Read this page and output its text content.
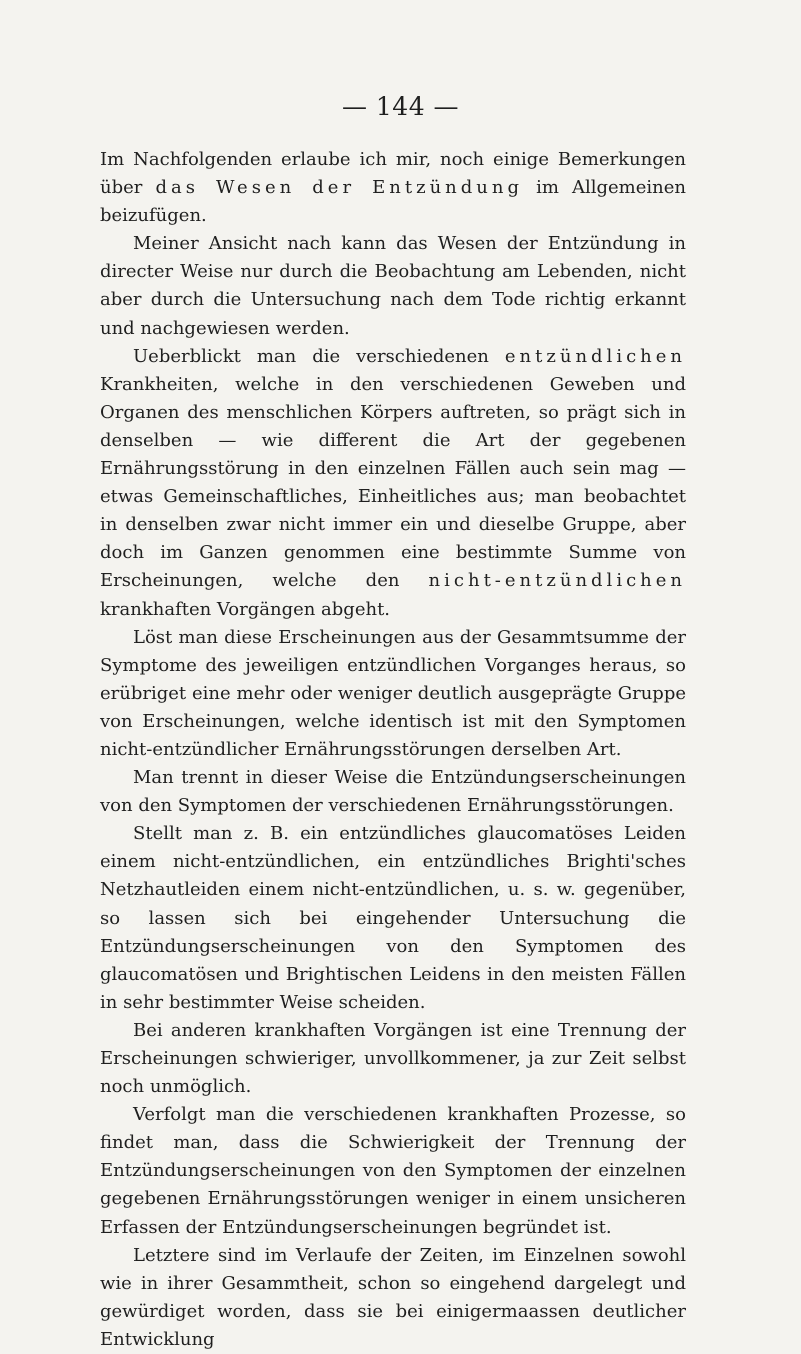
— 144 —

Im Nachfolgenden erlaube ich mir, noch einige Bemerkungen über das Wesen der Entzündung im Allgemeinen beizufügen.

Meiner Ansicht nach kann das Wesen der Entzündung in directer Weise nur durch die Beobachtung am Lebenden, nicht aber durch die Untersuchung nach dem Tode richtig erkannt und nachgewiesen werden.

Ueberblickt man die verschiedenen entzündlichen Krankheiten, welche in den verschiedenen Geweben und Organen des menschlichen Körpers auftreten, so prägt sich in denselben — wie different die Art der gegebenen Ernährungsstörung in den einzelnen Fällen auch sein mag — etwas Gemeinschaftliches, Einheitliches aus; man beobachtet in denselben zwar nicht immer ein und dieselbe Gruppe, aber doch im Ganzen genommen eine bestimmte Summe von Erscheinungen, welche den nicht-entzündlichen krankhaften Vorgängen abgeht.

Löst man diese Erscheinungen aus der Gesammtsumme der Symptome des jeweiligen entzündlichen Vorganges heraus, so erübriget eine mehr oder weniger deutlich ausgeprägte Gruppe von Erscheinungen, welche identisch ist mit den Symptomen nicht-entzündlicher Ernährungsstörungen derselben Art.

Man trennt in dieser Weise die Entzündungserscheinungen von den Symptomen der verschiedenen Ernährungsstörungen.

Stellt man z. B. ein entzündliches glaucomatöses Leiden einem nicht-entzündlichen, ein entzündliches Brighti'sches Netzhautleiden einem nicht-entzündlichen, u. s. w. gegenüber, so lassen sich bei eingehender Untersuchung die Entzündungserscheinungen von den Symptomen des glaucomatösen und Brightischen Leidens in den meisten Fällen in sehr bestimmter Weise scheiden.

Bei anderen krankhaften Vorgängen ist eine Trennung der Erscheinungen schwieriger, unvollkommener, ja zur Zeit selbst noch unmöglich.

Verfolgt man die verschiedenen krankhaften Prozesse, so findet man, dass die Schwierigkeit der Trennung der Entzündungserscheinungen von den Symptomen der einzelnen gegebenen Ernährungsstörungen weniger in einem unsicheren Erfassen der Entzündungserscheinungen begründet ist.

Letztere sind im Verlaufe der Zeiten, im Einzelnen sowohl wie in ihrer Gesammtheit, schon so eingehend dargelegt und gewürdiget worden, dass sie bei einigermaassen deutlicher Entwicklung
